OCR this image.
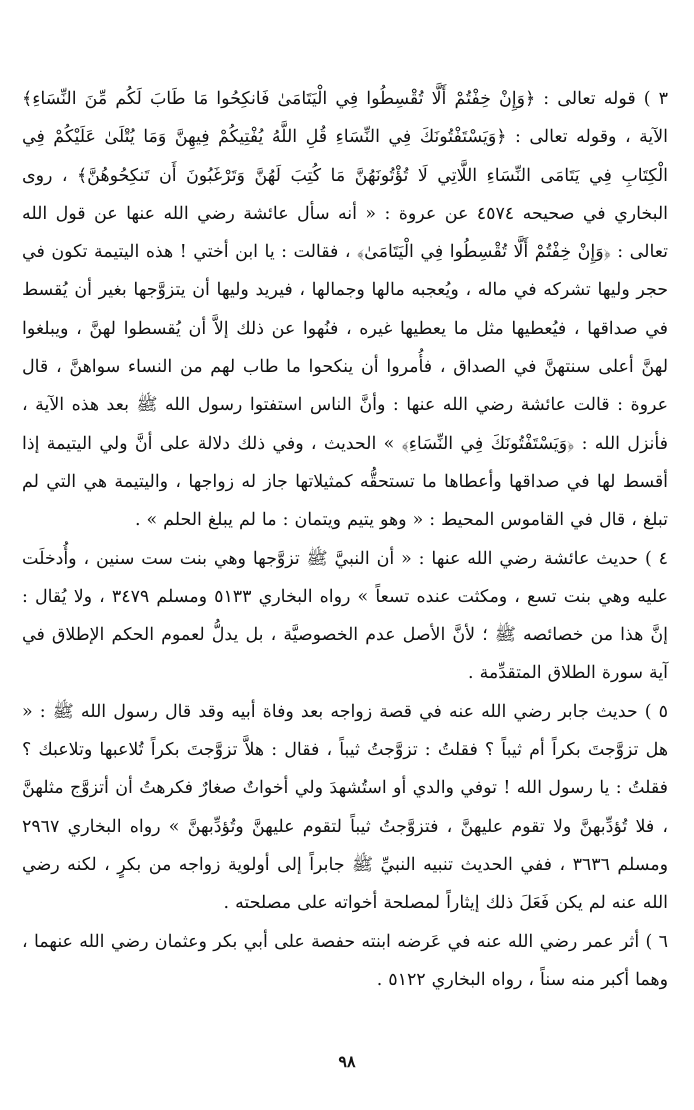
٣ ) قوله تعالى : ﴿وَإِنْ خِفْتُمْ أَلَّا تُقْسِطُوا فِي الْيَتَامَىٰ فَانكِحُوا مَا طَابَ لَكُم مِّنَ النِّسَاءِ﴾ الآية ، وقوله تعالى : ﴿وَيَسْتَفْتُونَكَ فِي النِّسَاءِ قُلِ اللَّهُ يُفْتِيكُمْ فِيهِنَّ وَمَا يُتْلَىٰ عَلَيْكُمْ فِي الْكِتَابِ فِي يَتَامَى النِّسَاءِ اللَّاتِي لَا تُؤْتُونَهُنَّ مَا كُتِبَ لَهُنَّ وَتَرْغَبُونَ أَن تَنكِحُوهُنَّ﴾ ، روى البخاري في صحيحه ٤٥٧٤ عن عروة : « أنه سأل عائشة رضي الله عنها عن قول الله تعالى : ﴿وَإِنْ خِفْتُمْ أَلَّا تُقْسِطُوا فِي الْيَتَامَىٰ﴾ ، فقالت : يا ابن أختي ! هذه اليتيمة تكون في حجر وليها تشركه في ماله ، ويُعجبه مالها وجمالها ، فيريد وليها أن يتزوَّجها بغير أن يُقسط في صداقها ، فيُعطيها مثل ما يعطيها غيره ، فنُهوا عن ذلك إلاَّ أن يُقسطوا لهنَّ ، ويبلغوا لهنَّ أعلى سنتهنَّ في الصداق ، فأُمروا أن ينكحوا ما طاب لهم من النساء سواهنَّ ، قال عروة : قالت عائشة رضي الله عنها : وأنَّ الناس استفتوا رسول الله ﷺ بعد هذه الآية ، فأنزل الله : ﴿وَيَسْتَفْتُونَكَ فِي النِّسَاءِ﴾ » الحديث ، وفي ذلك دلالة على أنَّ ولي اليتيمة إذا أقسط لها في صداقها وأعطاها ما تستحقُّه كمثيلاتها جاز له زواجها ، واليتيمة هي التي لم تبلغ ، قال في القاموس المحيط : « وهو يتيم ويتمان : ما لم يبلغ الحلم » .

٤ ) حديث عائشة رضي الله عنها : « أن النبيَّ ﷺ تزوَّجها وهي بنت ست سنين ، وأُدخلَت عليه وهي بنت تسع ، ومكثت عنده تسعاً » رواه البخاري ٥١٣٣ ومسلم ٣٤٧٩ ، ولا يُقال : إنَّ هذا من خصائصه ﷺ ؛ لأنَّ الأصل عدم الخصوصيَّة ، بل يدلُّ لعموم الحكم الإطلاق في آية سورة الطلاق المتقدِّمة .

٥ ) حديث جابر رضي الله عنه في قصة زواجه بعد وفاة أبيه وقد قال رسول الله ﷺ : « هل تزوَّجتَ بكراً أم ثيباً ؟ فقلتُ : تزوَّجتُ ثيباً ، فقال : هلاَّ تزوَّجتَ بكراً تُلاعبها وتلاعبك ؟ فقلتُ : يا رسول الله ! توفي والدي أو استُشهدَ ولي أخواتٌ صغارٌ فكرهتُ أن أتزوَّج مثلهنَّ ، فلا تُؤدِّبهنَّ ولا تقوم عليهنَّ ، فتزوَّجتُ ثيباً لتقوم عليهنَّ وتُؤدِّبهنَّ » رواه البخاري ٢٩٦٧ ومسلم ٣٦٣٦ ، ففي الحديث تنبيه النبيِّ ﷺ جابراً إلى أولوية زواجه من بكرٍ ، لكنه رضي الله عنه لم يكن فَعَلَ ذلك إيثاراً لمصلحة أخواته على مصلحته .

٦ ) أثر عمر رضي الله عنه في عَرضه ابنته حفصة على أبي بكر وعثمان رضي الله عنهما ، وهما أكبر منه سناً ، رواه البخاري ٥١٢٢ .

٩٨
